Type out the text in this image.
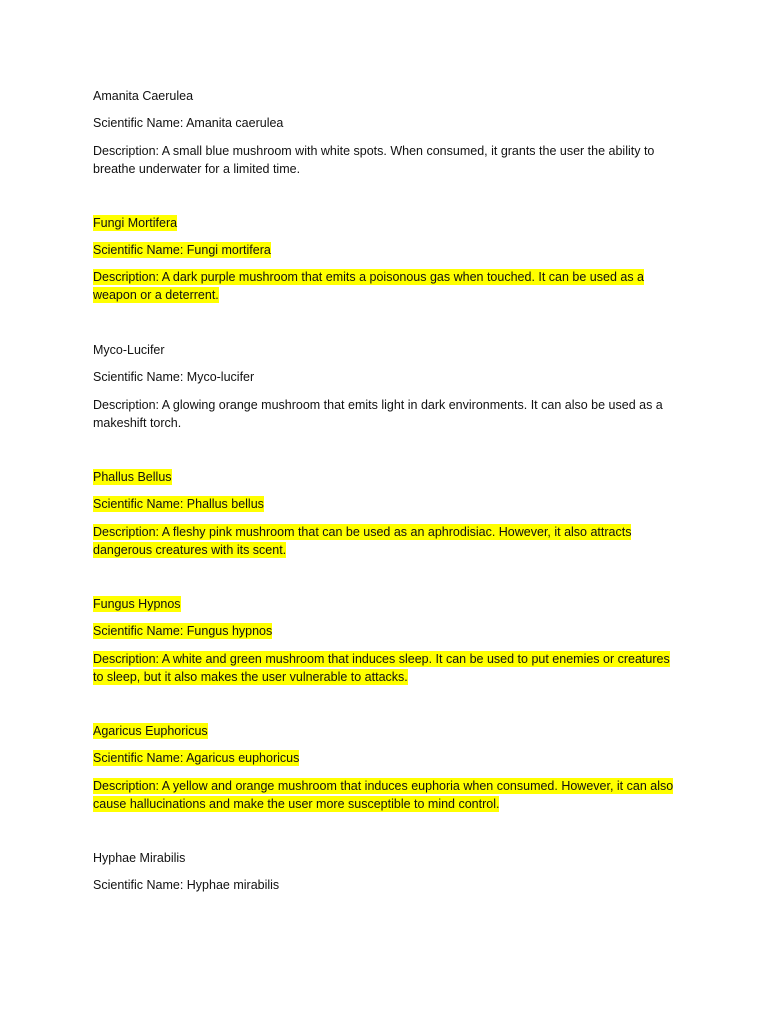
Amanita Caerulea
Scientific Name: Amanita caerulea
Description: A small blue mushroom with white spots. When consumed, it grants the user the ability to breathe underwater for a limited time.
Fungi Mortifera
Scientific Name: Fungi mortifera
Description: A dark purple mushroom that emits a poisonous gas when touched. It can be used as a weapon or a deterrent.
Myco-Lucifer
Scientific Name: Myco-lucifer
Description: A glowing orange mushroom that emits light in dark environments. It can also be used as a makeshift torch.
Phallus Bellus
Scientific Name: Phallus bellus
Description: A fleshy pink mushroom that can be used as an aphrodisiac. However, it also attracts dangerous creatures with its scent.
Fungus Hypnos
Scientific Name: Fungus hypnos
Description: A white and green mushroom that induces sleep. It can be used to put enemies or creatures to sleep, but it also makes the user vulnerable to attacks.
Agaricus Euphoricus
Scientific Name: Agaricus euphoricus
Description: A yellow and orange mushroom that induces euphoria when consumed. However, it can also cause hallucinations and make the user more susceptible to mind control.
Hyphae Mirabilis
Scientific Name: Hyphae mirabilis
